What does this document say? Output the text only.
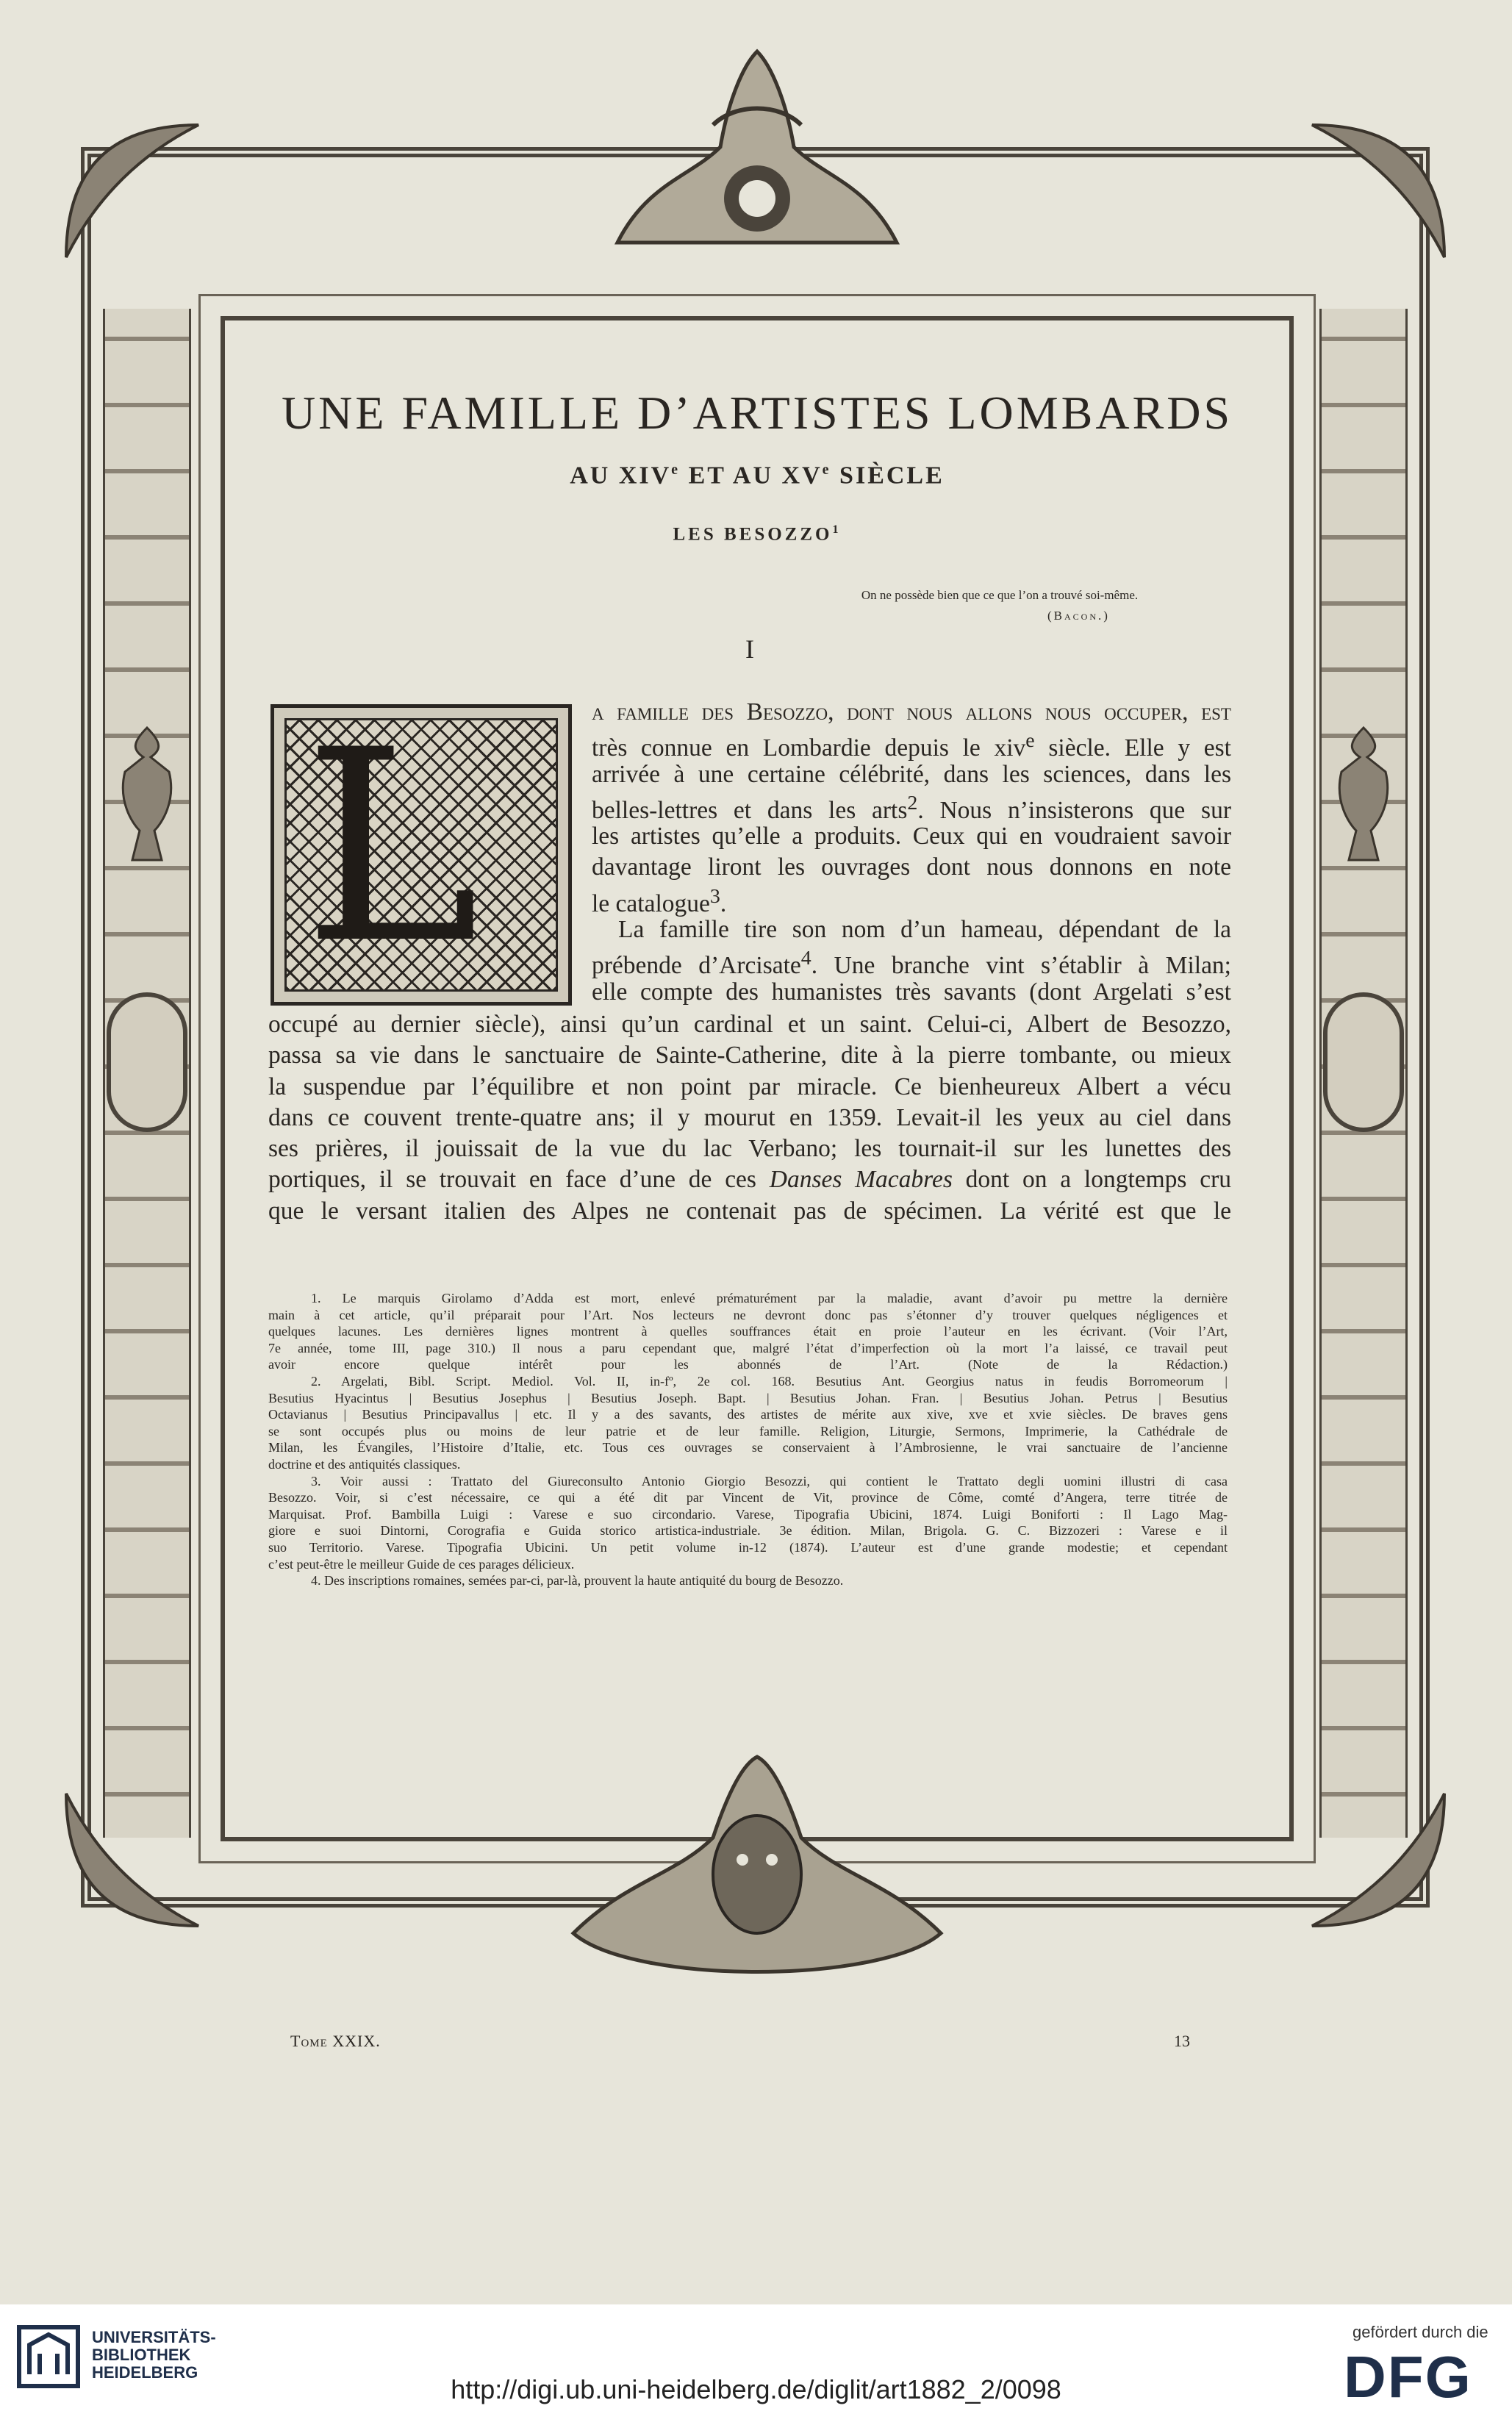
UNE FAMILLE D’ARTISTES LOMBARDS
AU XIVe ET AU XVe SIÈCLE
LES BESOZZO$^1$
On ne possède bien que ce que l’on a trouvé soi-même.
(Bacon.)
I
L	a famille des Besozzo, dont nous allons nous occuper, est
très connue en Lombardie depuis le xiv$^e$ siècle. Elle y est
arrivée à une certaine célébrité, dans les sciences, dans les
belles-lettres et dans les arts$^2$. Nous n’insisterons que sur
les artistes qu’elle a produits. Ceux qui en voudraient savoir
davantage liront les ouvrages dont nous donnons en note
le catalogue$^3$.
La famille tire son nom d’un hameau, dépendant de la
prébende d’Arcisate$^4$. Une branche vint s’établir à Milan;
elle compte des humanistes très savants (dont Argelati s’est
occupé au dernier siècle), ainsi qu’un cardinal et un saint. Celui-ci, Albert de Besozzo,
passa sa vie dans le sanctuaire de Sainte-Catherine, dite à la pierre tombante, ou mieux
la suspendue par l’équilibre et non point par miracle. Ce bienheureux Albert a vécu
dans ce couvent trente-quatre ans; il y mourut en 1359. Levait-il les yeux au ciel dans
ses prières, il jouissait de la vue du lac Verbano; les tournait-il sur les lunettes des
portiques, il se trouvait en face d’une de ces Danses Macabres dont on a longtemps cru
que le versant italien des Alpes ne contenait pas de spécimen. La vérité est que le
1. Le marquis Girolamo d’Adda est mort, enlevé prématurément par la maladie, avant d’avoir pu mettre la dernière
main à cet article, qu’il préparait pour l’Art. Nos lecteurs ne devront donc pas s’étonner d’y trouver quelques négligences et
quelques lacunes. Les dernières lignes montrent à quelles souffrances était en proie l’auteur en les écrivant. (Voir l’Art,
7e année, tome III, page 310.) Il nous a paru cependant que, malgré l’état d’imperfection où la mort l’a laissé, ce travail peut
avoir encore quelque intérêt pour les abonnés de l’Art. (Note de la Rédaction.)
2. Argelati, Bibl. Script. Mediol. Vol. II, in-fº, 2e col. 168. Besutius Ant. Georgius natus in feudis Borromeorum |
Besutius Hyacintus | Besutius Josephus | Besutius Joseph. Bapt. | Besutius Johan. Fran. | Besutius Johan. Petrus | Besutius
Octavianus | Besutius Principavallus | etc. Il y a des savants, des artistes de mérite aux xive, xve et xvie siècles. De braves gens
se sont occupés plus ou moins de leur patrie et de leur famille. Religion, Liturgie, Sermons, Imprimerie, la Cathédrale de
Milan, les Évangiles, l’Histoire d’Italie, etc. Tous ces ouvrages se conservaient à l’Ambrosienne, le vrai sanctuaire de l’ancienne
doctrine et des antiquités classiques.
3. Voir aussi : Trattato del Giureconsulto Antonio Giorgio Besozzi, qui contient le Trattato degli uomini illustri di casa
Besozzo. Voir, si c’est nécessaire, ce qui a été dit par Vincent de Vit, province de Côme, comté d’Angera, terre titrée de
Marquisat. Prof. Bambilla Luigi : Varese e suo circondario. Varese, Tipografia Ubicini, 1874. Luigi Boniforti : Il Lago Mag-
giore e suoi Dintorni, Corografia e Guida storico artistica-industriale. 3e édition. Milan, Brigola. G. C. Bizzozeri : Varese e il
suo Territorio. Varese. Tipografia Ubicini. Un petit volume in-12 (1874). L’auteur est d’une grande modestie; et cependant
c’est peut-être le meilleur Guide de ces parages délicieux.
4. Des inscriptions romaines, semées par-ci, par-là, prouvent la haute antiquité du bourg de Besozzo.
Tome XXIX.	13
UNIVERSITÄTS-
BIBLIOTHEK
HEIDELBERG
http://digi.ub.uni-heidelberg.de/diglit/art1882_2/0098
gefördert durch die
DFG
